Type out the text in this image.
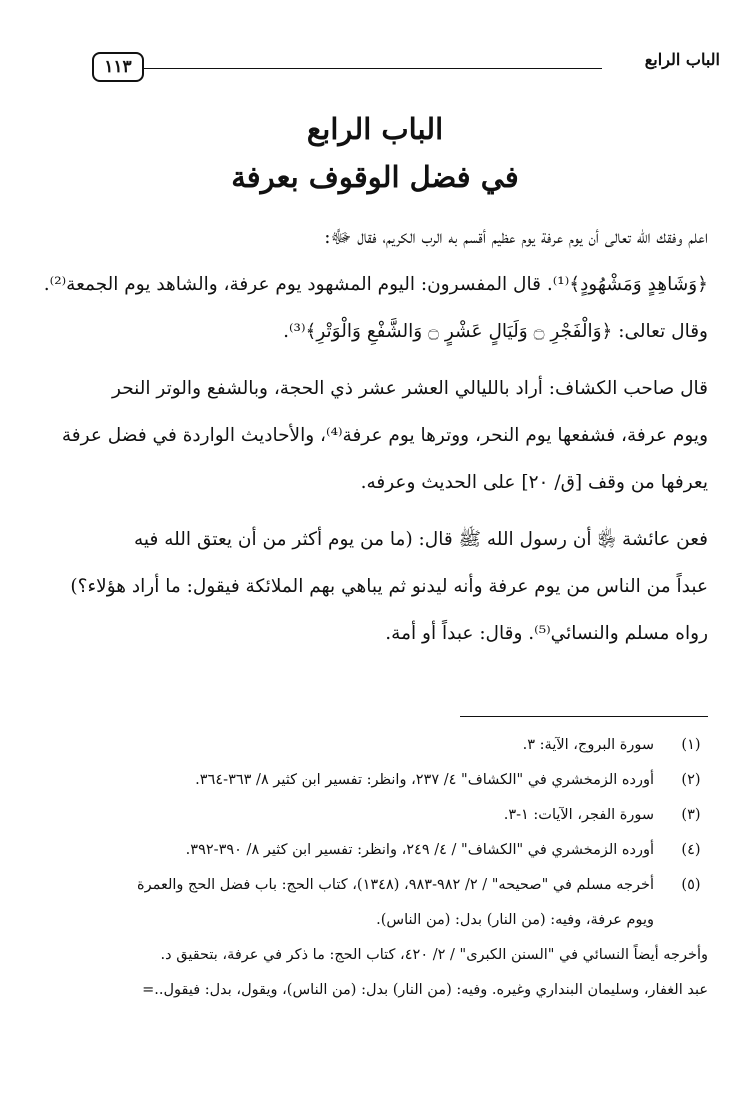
الباب الرابع
١١٣
الباب الرابع
في فضل الوقوف بعرفة

اعلم وفقك الله تعالى أن يوم عرفة يوم عظيم أقسم به الرب الكريم، فقال ﷻ:

﴿وَشَاهِدٍ وَمَشْهُودٍ﴾⁽¹⁾. قال المفسرون: اليوم المشهود يوم عرفة، والشاهد يوم الجمعة⁽²⁾.

وقال تعالى: ﴿وَالْفَجْرِ ۝ وَلَيَالٍ عَشْرٍ ۝ وَالشَّفْعِ وَالْوَتْرِ﴾⁽³⁾.

قال صاحب الكشاف: أراد بالليالي العشر عشر ذي الحجة، وبالشفع والوتر النحر

ويوم عرفة، فشفعها يوم النحر، ووترها يوم عرفة⁽⁴⁾، والأحاديث الواردة في فضل عرفة

يعرفها من وقف [ق/ ٢٠] على الحديث وعرفه.

فعن عائشة ﵂ أن رسول الله ﷺ قال: (ما من يوم أكثر من أن يعتق الله فيه

عبداً من الناس من يوم عرفة وأنه ليدنو ثم يباهي بهم الملائكة فيقول: ما أراد هؤلاء؟)

رواه مسلم والنسائي⁽⁵⁾. وقال: عبداً أو أمة.

(١)
سورة البروج، الآية: ٣.
(٢)
أورده الزمخشري في "الكشاف" ٤/ ٢٣٧، وانظر: تفسير ابن كثير ٨/ ٣٦٣-٣٦٤.
(٣)
سورة الفجر، الآيات: ١-٣.
(٤)
أورده الزمخشري في "الكشاف" / ٤/ ٢٤٩، وانظر: تفسير ابن كثير ٨/ ٣٩٠-٣٩٢.
(٥)
أخرجه مسلم في "صحيحه" / ٢/ ٩٨٢-٩٨٣، (١٣٤٨)، كتاب الحج: باب فضل الحج والعمرة
ويوم عرفة، وفيه: (من النار) بدل: (من الناس).
وأخرجه أيضاً النسائي في "السنن الكبرى" / ٢/ ٤٢٠، كتاب الحج: ما ذكر في عرفة، بتحقيق د.
عبد الغفار، وسليمان البنداري وغيره. وفيه: (من النار) بدل: (من الناس)، ويقول، بدل: فيقول..=
